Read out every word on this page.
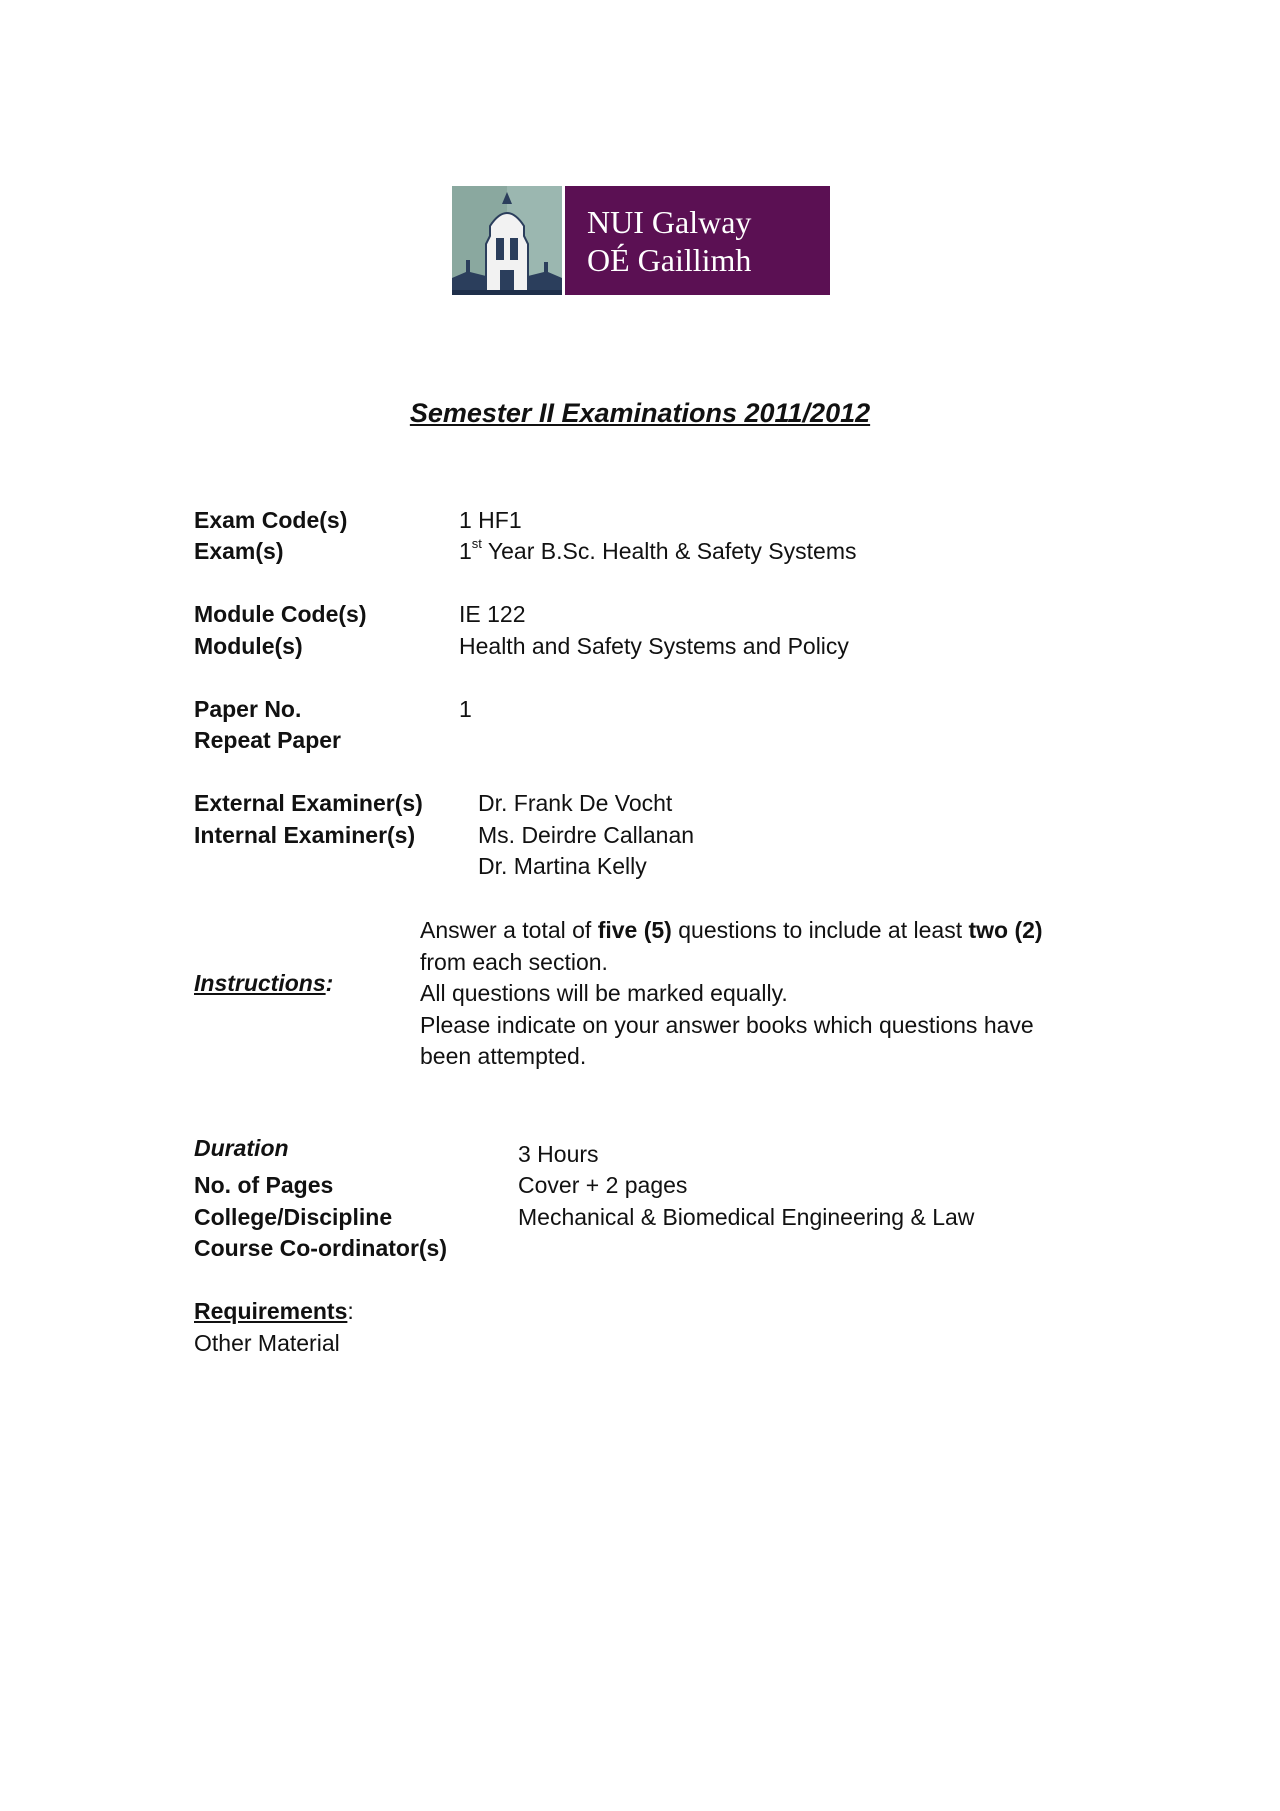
NUI Galway
OÉ Gaillimh
Semester II Examinations 2011/2012
Exam Code(s)
Exam(s)
Module Code(s)
Module(s)
Paper No.
Repeat Paper
External Examiner(s)
Internal Examiner(s)
1 HF1
1st Year B.Sc. Health & Safety Systems
IE 122
Health and Safety Systems and Policy
1
Dr. Frank De Vocht
Ms. Deirdre Callanan
Dr. Martina Kelly
Instructions:
Answer a total of five (5) questions to include at least two (2)
from each section.
All questions will be marked equally.
Please indicate on your answer books which questions have
been attempted.
Duration
No. of Pages
College/Discipline
Course Co-ordinator(s)
3 Hours
Cover + 2 pages
Mechanical & Biomedical Engineering & Law
Requirements:
Other Material
